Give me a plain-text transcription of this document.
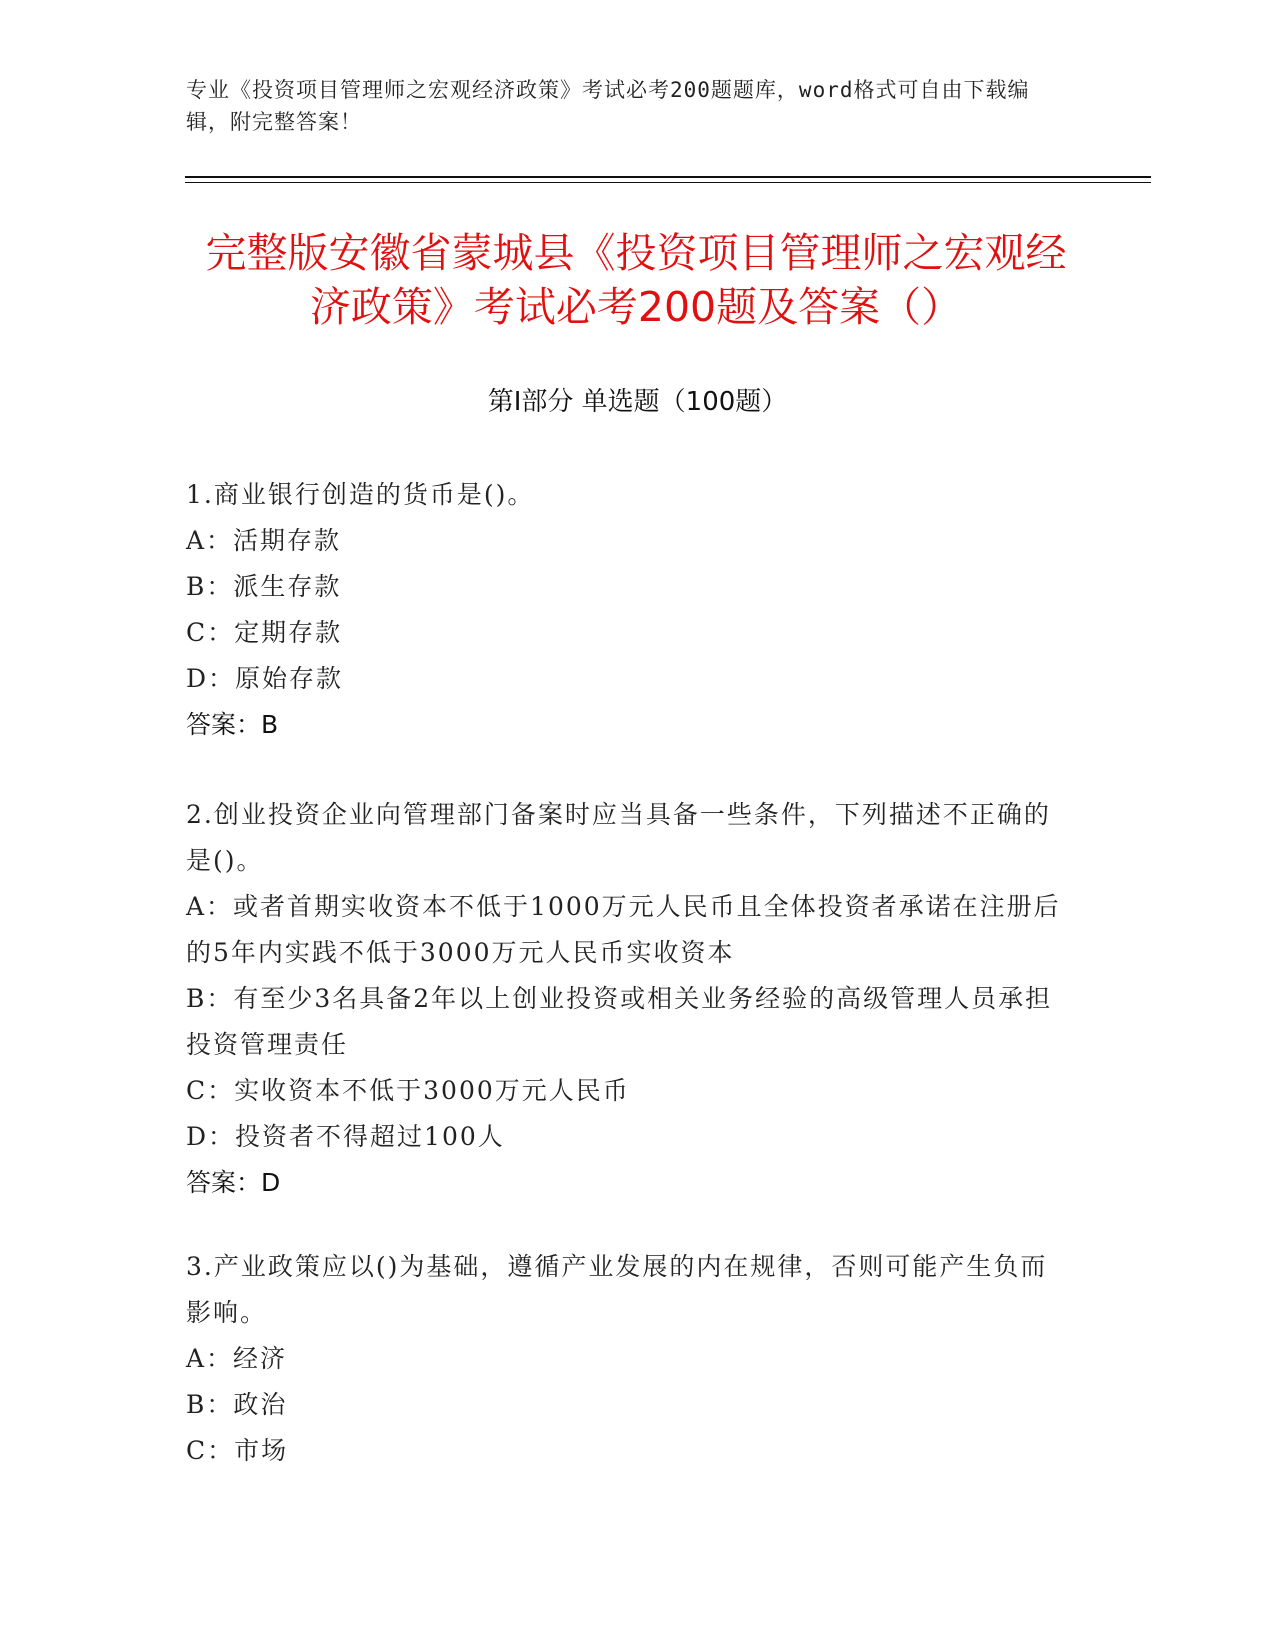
专业《投资项目管理师之宏观经济政策》考试必考200题题库，word格式可自由下载编辑，附完整答案！
完整版安徽省蒙城县《投资项目管理师之宏观经济政策》考试必考200题及答案（）
第I部分 单选题（100题）

1.商业银行创造的货币是()。

A：活期存款
B：派生存款
C：定期存款
D：原始存款

答案：B

2.创业投资企业向管理部门备案时应当具备一些条件，下列描述不正确的是()。

A：或者首期实收资本不低于1000万元人民币且全体投资者承诺在注册后的5年内实践不低于3000万元人民币实收资本
B：有至少3名具备2年以上创业投资或相关业务经验的高级管理人员承担投资管理责任
C：实收资本不低于3000万元人民币
D：投资者不得超过100人

答案：D

3.产业政策应以()为基础，遵循产业发展的内在规律，否则可能产生负而影响。

A：经济
B：政治
C：市场
